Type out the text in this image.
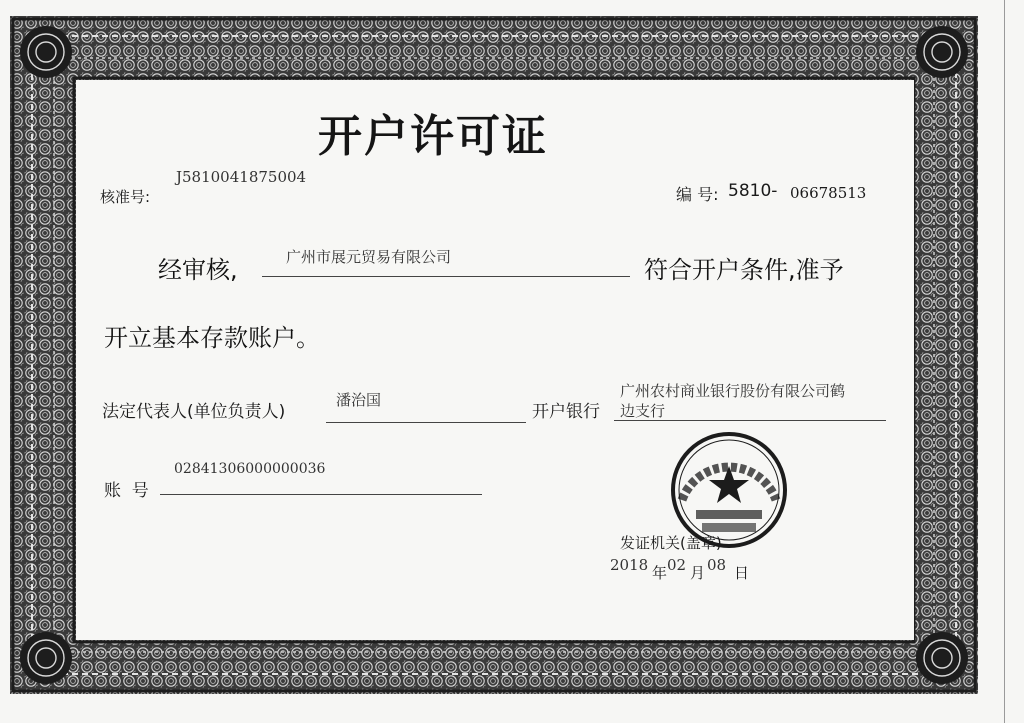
开户许可证
核准号:
J5810041875004
编 号: 5810- 06678513
经审核,	广州市展元贸易有限公司	符合开户条件,准予
开立基本存款账户。
法定代表人(单位负责人)
潘治国
开户银行
广州农村商业银行股份有限公司鹤
边支行
账  号
02841306000000036
发证机关(盖章)
2018 年 02 月 08 日
